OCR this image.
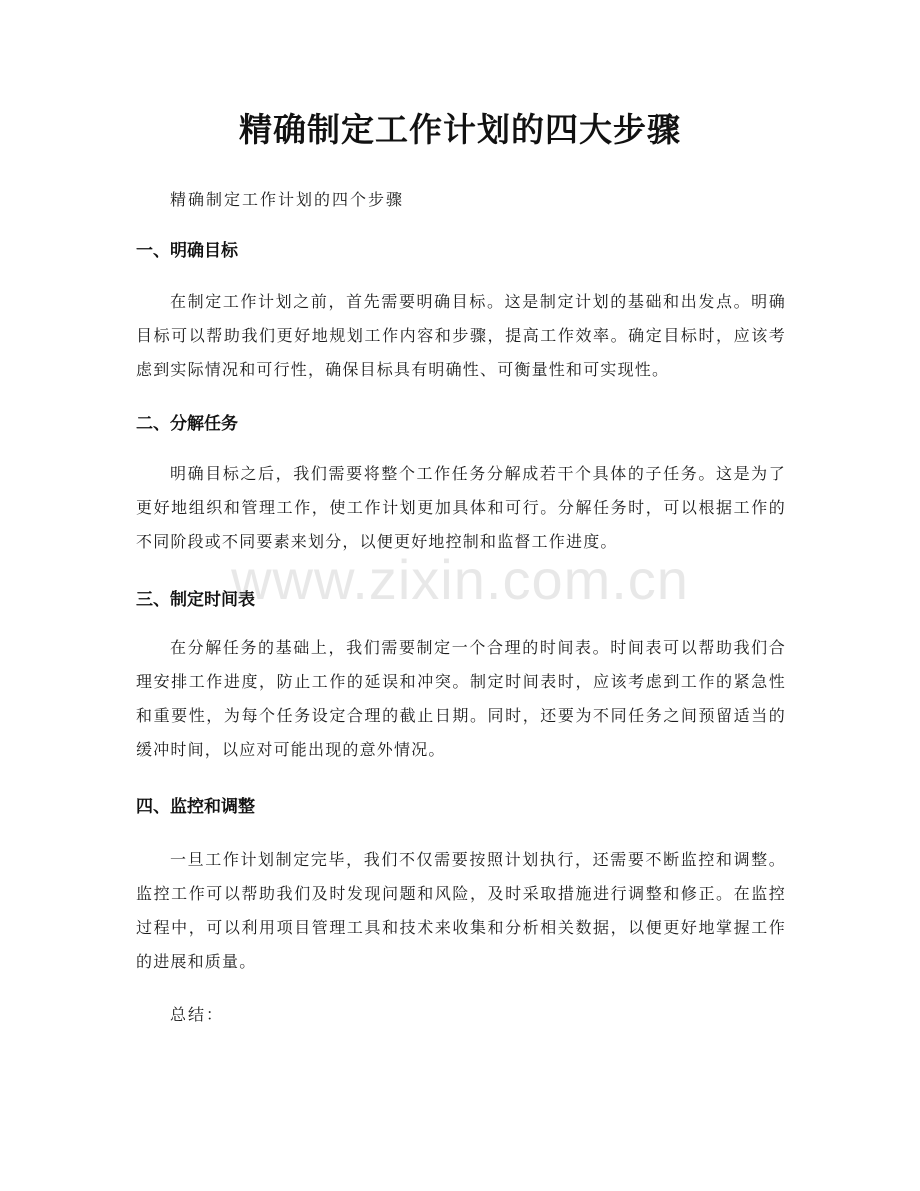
精确制定工作计划的四大步骤
精确制定工作计划的四个步骤
一、明确目标
在制定工作计划之前，首先需要明确目标。这是制定计划的基础和出发点。明确目标可以帮助我们更好地规划工作内容和步骤，提高工作效率。确定目标时，应该考虑到实际情况和可行性，确保目标具有明确性、可衡量性和可实现性。
二、分解任务
明确目标之后，我们需要将整个工作任务分解成若干个具体的子任务。这是为了更好地组织和管理工作，使工作计划更加具体和可行。分解任务时，可以根据工作的不同阶段或不同要素来划分，以便更好地控制和监督工作进度。
三、制定时间表
在分解任务的基础上，我们需要制定一个合理的时间表。时间表可以帮助我们合理安排工作进度，防止工作的延误和冲突。制定时间表时，应该考虑到工作的紧急性和重要性，为每个任务设定合理的截止日期。同时，还要为不同任务之间预留适当的缓冲时间，以应对可能出现的意外情况。
四、监控和调整
一旦工作计划制定完毕，我们不仅需要按照计划执行，还需要不断监控和调整。监控工作可以帮助我们及时发现问题和风险，及时采取措施进行调整和修正。在监控过程中，可以利用项目管理工具和技术来收集和分析相关数据，以便更好地掌握工作的进展和质量。
总结：
www.zixin.com.cn
